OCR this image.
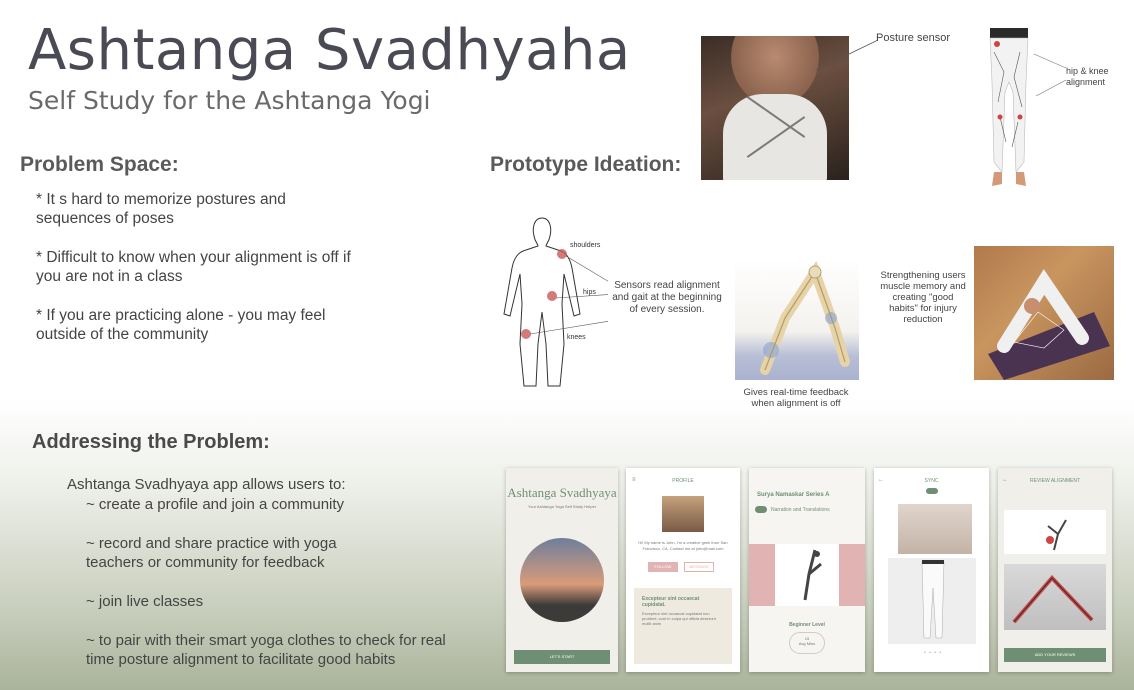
Ashtanga Svadhyaha
Self Study for the Ashtanga Yogi
Problem Space:
* It s hard to memorize postures and sequences of poses
* Difficult to know when your alignment is off if you are not in a class
* If you are practicing alone - you may feel outside of the community
Prototype Ideation:
Posture sensor
hip & knee alignment
shoulders
hips
knees
Sensors read alignment and gait at the beginning of every session.
Gives real-time feedback when alignment is off
Strengthening users muscle memory and creating "good habits" for injury reduction
Addressing the Problem:
Ashtanga Svadhyaya app allows users to:
~ create a profile and join a community
~ record and share practice with yoga teachers or community for feedback
~ join live classes
~ to pair with their smart yoga clothes to check for real time posture alignment to facilitate good habits
Ashtanga Svadhyaya
Your Ashtanga Yoga Self Study Helper
LET'S START
PROFILE
≡
Hi! My name is John, I'm a creative geek from San Francisco, CA. Contact me at john@mail.com
FOLLOW	MESSAGE
Excepteur sint occaecat cupidatat.
Excepteur sint occaecat cupidatat non proident, sunt in culpa qui officia deserunt mollit anim
Surya Namaskar Series A
Narration and Translations
Beginner Level
15
Avg Mins
SYNC
←
• • • •
REVIEW ALIGNMENT
←
ADD YOUR REVIEWS
